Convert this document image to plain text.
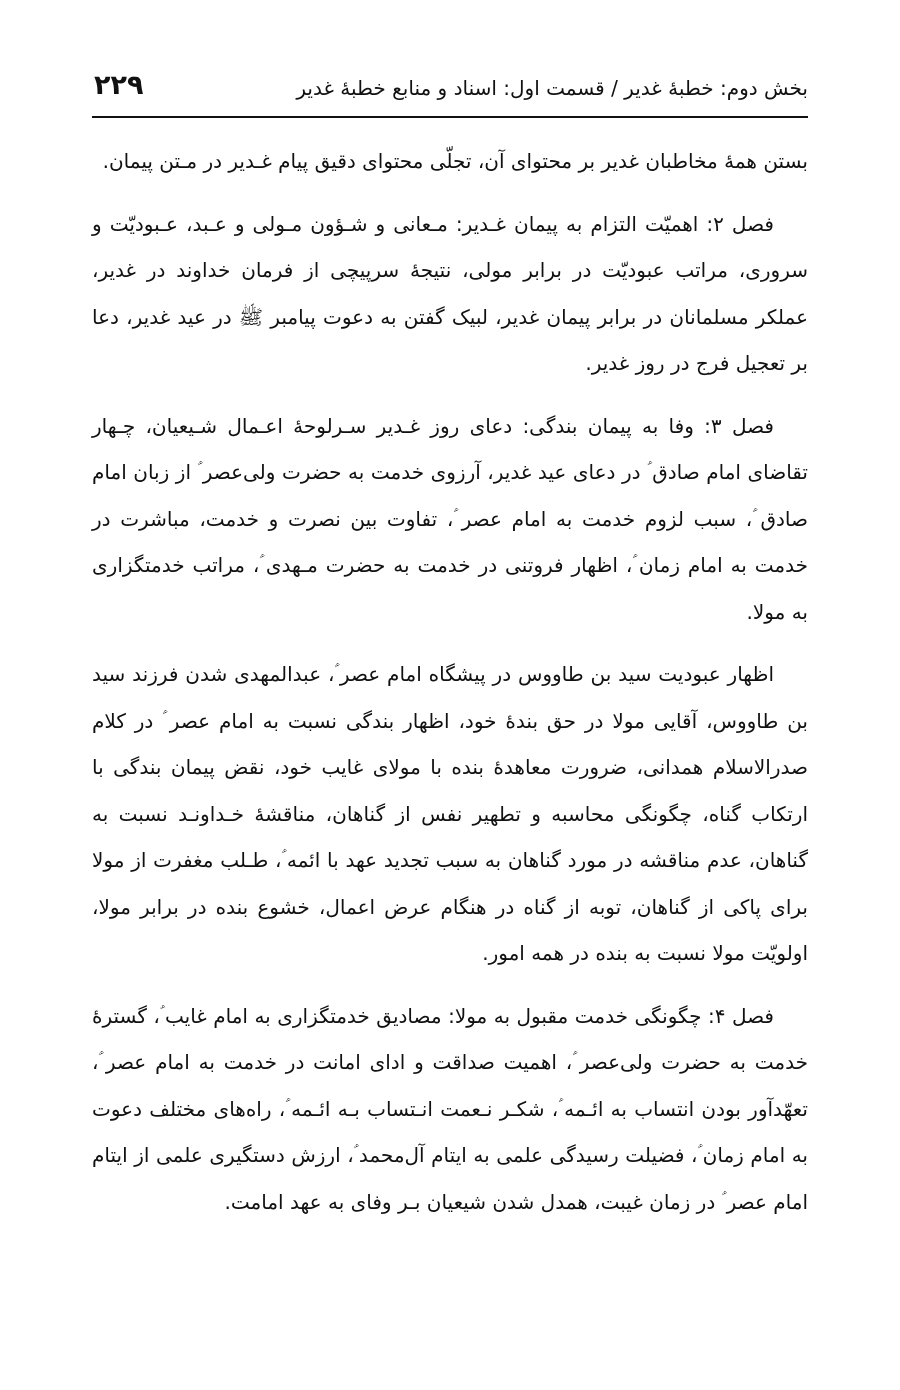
بخش دوم: خطبۀ غدیر / قسمت اول: اسناد و منابع خطبۀ غدیر
۲۲۹

بستن همۀ مخاطبان غدیر بر محتوای آن، تجلّی محتوای دقیق پیام غـدیر در مـتن پیمان.

فصل ۲: اهمیّت التزام به پیمان غـدیر: مـعانی و شـؤون مـولی و عـبد، عـبودیّت و سروری، مراتب عبودیّت در برابر مولی، نتیجۀ سرپیچی از فرمان خداوند در غدیر، عملکر مسلمانان در برابر پیمان غدیر، لبیک گفتن به دعوت پیامبر ﷺ در عید غدیر، دعا بر تعجیل فرج در روز غدیر.

فصل ۳: وفا به پیمان بندگی: دعای روز غـدیر سـرلوحۀ اعـمال شـیعیان، چـهار تقاضای امام صادق ؑ در دعای عید غدیر، آرزوی خدمت به حضرت ولی‌عصر ؑ از زبان امام صادق ؑ، سبب لزوم خدمت به امام عصر ؑ، تفاوت بین نصرت و خدمت، مباشرت در خدمت به امام زمان ؑ، اظهار فروتنی در خدمت به حضرت مـهدی ؑ، مراتب خدمتگزاری به مولا.

اظهار عبودیت سید بن طاووس در پیشگاه امام عصر ؑ، عبدالمهدی شدن فرزند سید بن طاووس، آقایی مولا در حق بندۀ خود، اظهار بندگی نسبت به امام عصر ؑ در کلام صدرالاسلام همدانی، ضرورت معاهدۀ بنده با مولای غایب خود، نقض پیمان بندگی با ارتکاب گناه، چگونگی محاسبه و تطهیر نفس از گناهان، مناقشۀ خـداونـد نسبت به گناهان، عدم مناقشه در مورد گناهان به سبب تجدید عهد با ائمه ؑ، طـلب مغفرت از مولا برای پاکی از گناهان، توبه از گناه در هنگام عرض اعمال، خشوع بنده در برابر مولا، اولویّت مولا نسبت به بنده در همه امور.

فصل ۴: چگونگی خدمت مقبول به مولا: مصادیق خدمتگزاری به امام غایب ؑ، گسترۀ خدمت به حضرت ولی‌عصر ؑ، اهمیت صداقت و ادای امانت در خدمت به امام عصر ؑ، تعهّدآور بودن انتساب به ائـمه ؑ، شکـر نـعمت انـتساب بـه ائـمه ؑ، راه‌های مختلف دعوت به امام زمان ؑ، فضیلت رسیدگی علمی به ایتام آل‌محمد ؑ، ارزش دستگیری علمی از ایتام امام عصر ؑ در زمان غیبت، همدل شدن شیعیان بـر وفای به عهد امامت.
